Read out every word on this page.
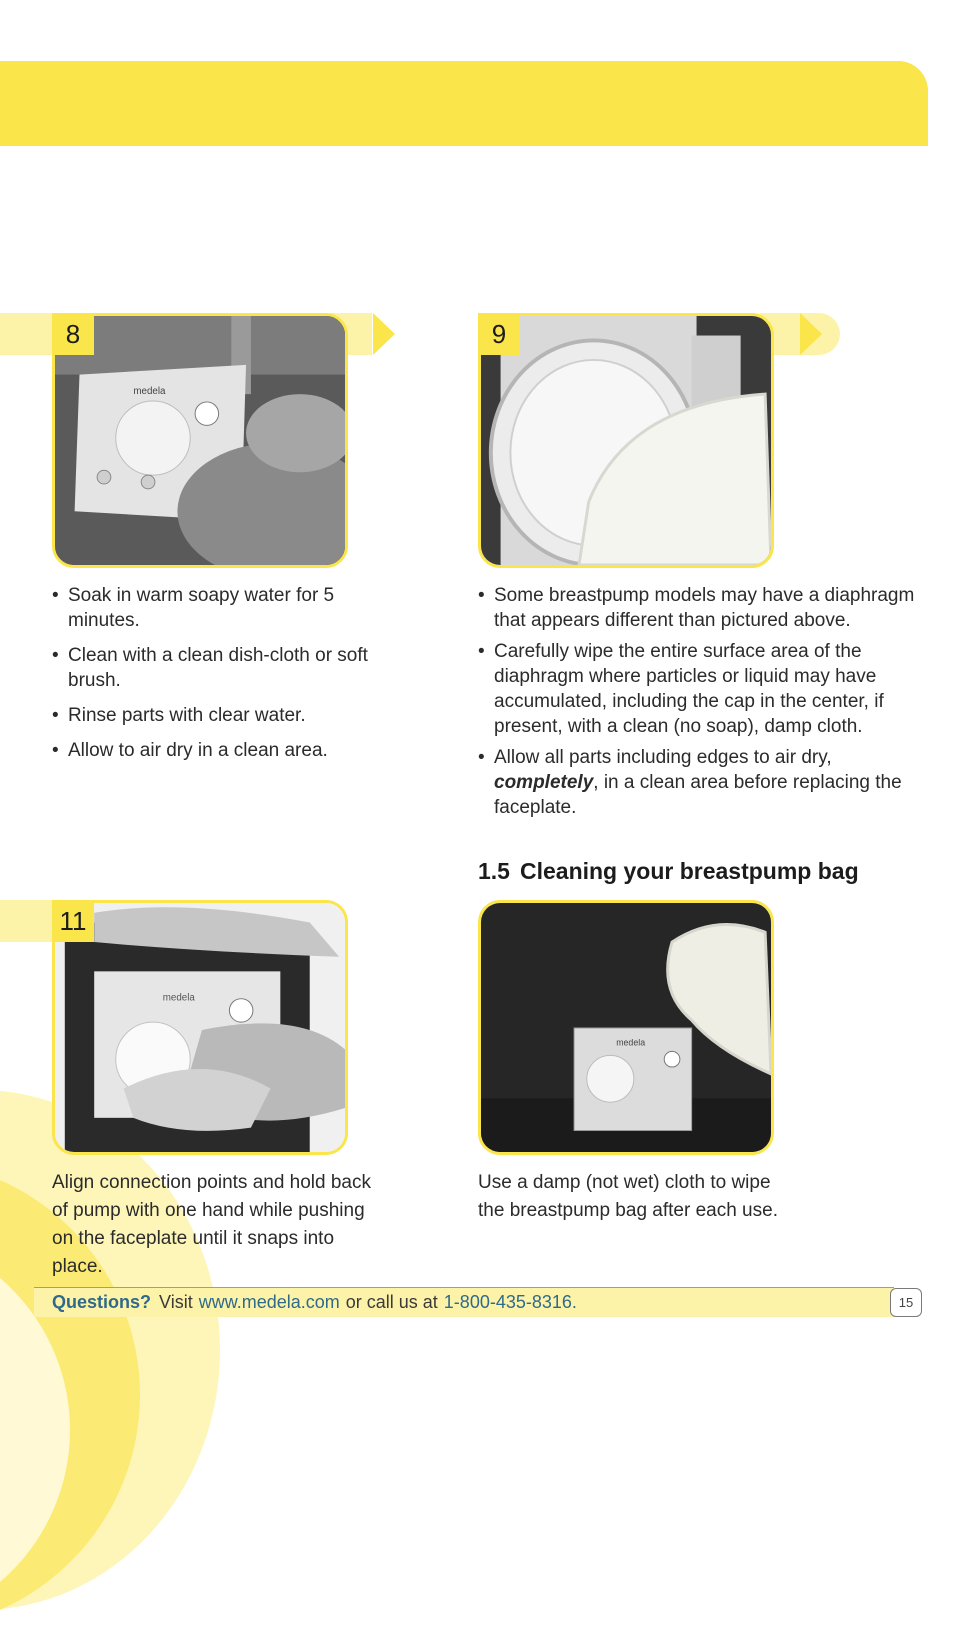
medela
8
• Soak in warm soapy water for 5 minutes.
• Clean with a clean dish-cloth or soft brush.
• Rinse parts with clear water.
• Allow to air dry in a clean area.
9
• Some breastpump models may have a diaphragm that appears different than pictured above.
• Carefully wipe the entire surface area of the diaphragm where particles or liquid may have accumulated, including the cap in the center, if present, with a clean (no soap), damp cloth.
• Allow all parts including edges to air dry, completely, in a clean area before replacing the faceplate.
1.5 Cleaning your breastpump bag
medela
11

Align connection points and hold back of pump with one hand while pushing on the faceplate until it snaps into place.

medela

Use a damp (not wet) cloth to wipe the breastpump bag after each use.

Questions? Visit www.medela.com or call us at 1-800-435-8316.	15
